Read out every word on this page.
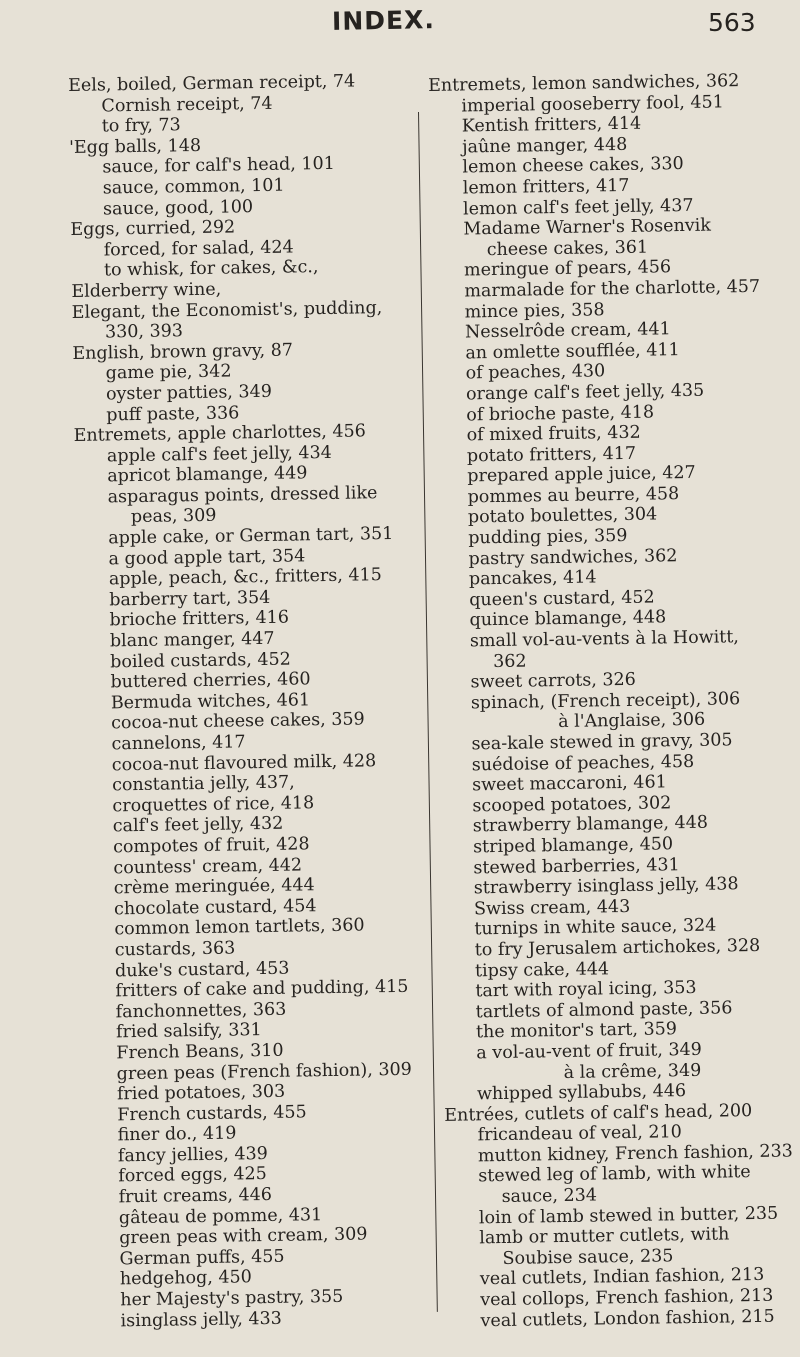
INDEX.	563

Eels, boiled, German receipt, 74

Cornish receipt, 74

to fry, 73

'Egg balls, 148

sauce, for calf's head, 101

sauce, common, 101

sauce, good, 100

Eggs, curried, 292

forced, for salad, 424

to whisk, for cakes, &c.,

Elderberry wine,

Elegant, the Economist's, pudding,

330, 393

English, brown gravy, 87

game pie, 342

oyster patties, 349

puff paste, 336

Entremets, apple charlottes, 456

apple calf's feet jelly, 434

apricot blamange, 449

asparagus points, dressed like

peas, 309

apple cake, or German tart, 351

a good apple tart, 354

apple, peach, &c., fritters, 415

barberry tart, 354

brioche fritters, 416

blanc manger, 447

boiled custards, 452

buttered cherries, 460

Bermuda witches, 461

cocoa-nut cheese cakes, 359

cannelons, 417

cocoa-nut flavoured milk, 428

constantia jelly, 437,

croquettes of rice, 418

calf's feet jelly, 432

compotes of fruit, 428

countess' cream, 442

crème meringuée, 444

chocolate custard, 454

common lemon tartlets, 360

custards, 363

duke's custard, 453

fritters of cake and pudding, 415

fanchonnettes, 363

fried salsify, 331

French Beans, 310

green peas (French fashion), 309

fried potatoes, 303

French custards, 455

finer do., 419

fancy jellies, 439

forced eggs, 425

fruit creams, 446

gâteau de pomme, 431

green peas with cream, 309

German puffs, 455

hedgehog, 450

her Majesty's pastry, 355

isinglass jelly, 433

Entremets, lemon sandwiches, 362

imperial gooseberry fool, 451

Kentish fritters, 414

jaûne manger, 448

lemon cheese cakes, 330

lemon fritters, 417

lemon calf's feet jelly, 437

Madame Warner's Rosenvik

cheese cakes, 361

meringue of pears, 456

marmalade for the charlotte, 457

mince pies, 358

Nesselrôde cream, 441

an omlette soufflée, 411

of peaches, 430

orange calf's feet jelly, 435

of brioche paste, 418

of mixed fruits, 432

potato fritters, 417

prepared apple juice, 427

pommes au beurre, 458

potato boulettes, 304

pudding pies, 359

pastry sandwiches, 362

pancakes, 414

queen's custard, 452

quince blamange, 448

small vol-au-vents à la Howitt,

362

sweet carrots, 326

spinach, (French receipt), 306

à l'Anglaise, 306

sea-kale stewed in gravy, 305

suédoise of peaches, 458

sweet maccaroni, 461

scooped potatoes, 302

strawberry blamange, 448

striped blamange, 450

stewed barberries, 431

strawberry isinglass jelly, 438

Swiss cream, 443

turnips in white sauce, 324

to fry Jerusalem artichokes, 328

tipsy cake, 444

tart with royal icing, 353

tartlets of almond paste, 356

the monitor's tart, 359

a vol-au-vent of fruit, 349

à la crême, 349

whipped syllabubs, 446

Entrées, cutlets of calf's head, 200

fricandeau of veal, 210

mutton kidney, French fashion, 233

stewed leg of lamb, with white

sauce, 234

loin of lamb stewed in butter, 235

lamb or mutter cutlets, with

Soubise sauce, 235

veal cutlets, Indian fashion, 213

veal collops, French fashion, 213

veal cutlets, London fashion, 215
